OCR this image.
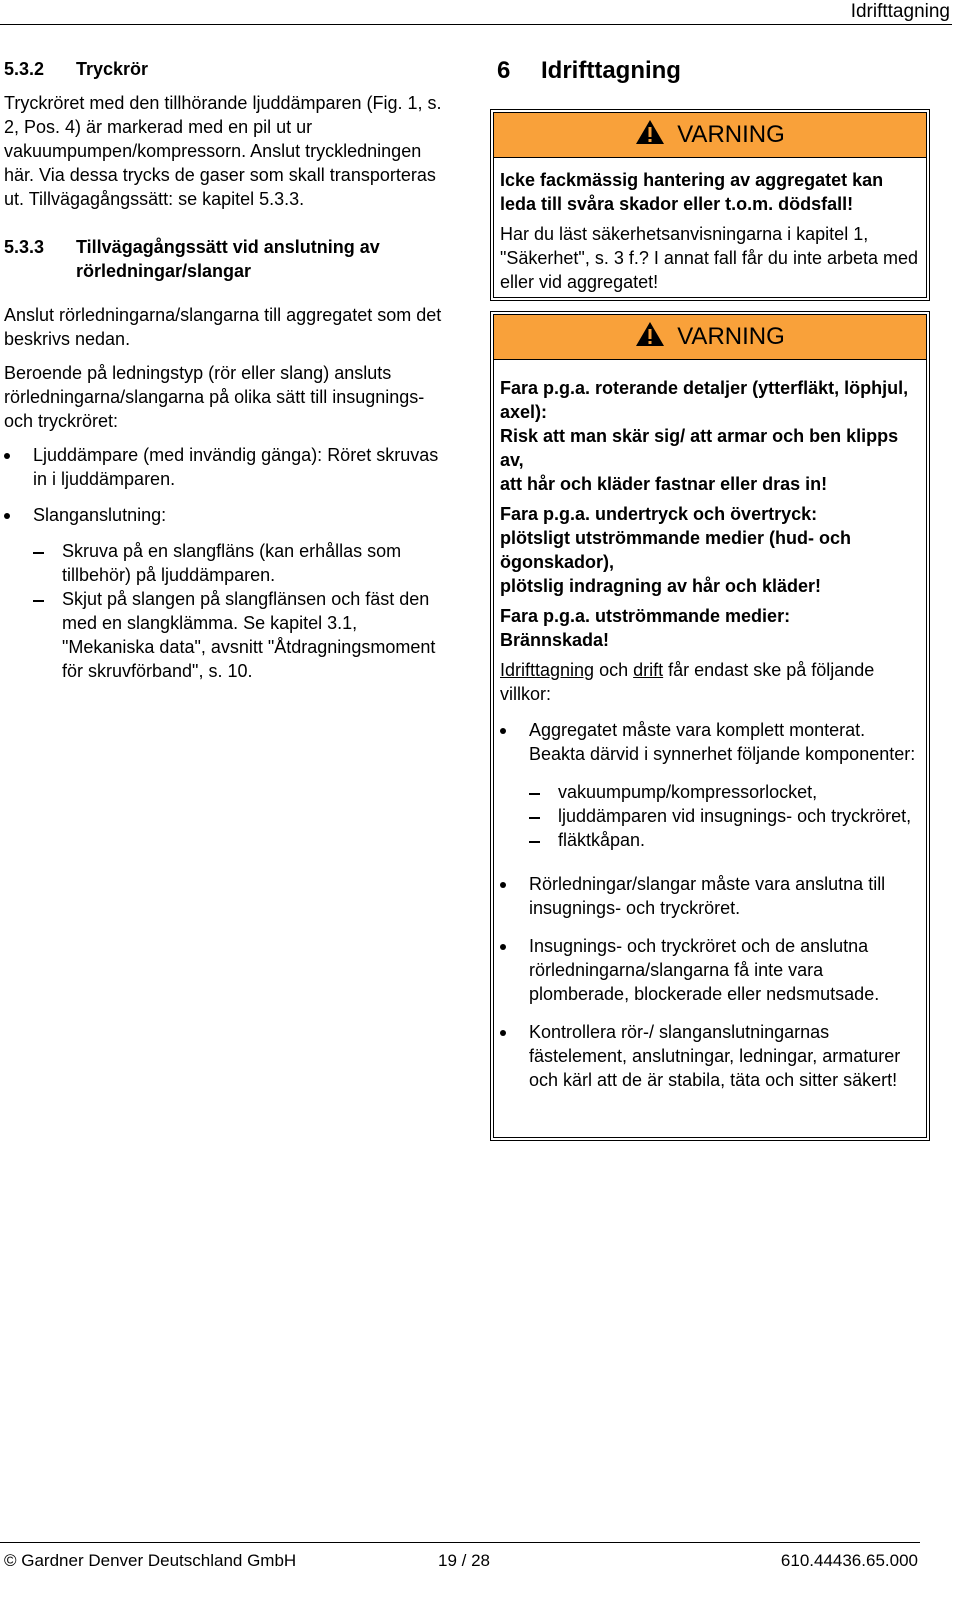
Idrifttagning
5.3.2	Tryckrör

Tryckröret med den tillhörande ljuddämparen (Fig. 1, s. 2, Pos. 4) är markerad med en pil ut ur vakuumpumpen/kompressorn. Anslut tryckledningen här. Via dessa trycks de gaser som skall transporteras ut. Tillvägagångssätt: se kapitel 5.3.3.

5.3.3	Tillvägagångssätt vid anslutning av rörledningar/slangar

Anslut rörledningarna/slangarna till aggregatet som det beskrivs nedan.

Beroende på ledningstyp (rör eller slang) ansluts rörledningarna/slangarna på olika sätt till insugnings- och tryckröret:

Ljuddämpare (med invändig gänga): Röret skruvas in i ljuddämparen.
Slanganslutning:
Skruva på en slangfläns (kan erhållas som tillbehör) på ljuddämparen.
Skjut på slangen på slangflänsen och fäst den med en slangklämma. Se kapitel 3.1, "Mekaniska data", avsnitt "Åtdragningsmoment för skruvförband", s. 10.
6	Idrifttagning
VARNING

Icke fackmässig hantering av aggregatet kan leda till svåra skador eller t.o.m. dödsfall!

Har du läst säkerhetsanvisningarna i kapitel 1, "Säkerhet", s. 3 f.? I annat fall får du inte arbeta med eller vid aggregatet!

VARNING

Fara p.g.a. roterande detaljer (ytterfläkt, löphjul, axel):

Risk att man skär sig/ att armar och ben klipps av,

att hår och kläder fastnar eller dras in!

Fara p.g.a. undertryck och övertryck:

plötsligt utströmmande medier (hud- och ögonskador),

plötslig indragning av hår och kläder!

Fara p.g.a. utströmmande medier:

Brännskada!

Idrifttagning och drift får endast ske på följande villkor:

Aggregatet måste vara komplett monterat. Beakta därvid i synnerhet följande komponenter:
vakuumpump/kompressorlocket,
ljuddämparen vid insugnings- och tryckröret,
fläktkåpan.
Rörledningar/slangar måste vara anslutna till insugnings- och tryckröret.
Insugnings- och tryckröret och de anslutna rörledningarna/slangarna få inte vara plomberade, blockerade eller nedsmutsade.
Kontrollera rör-/ slanganslutningarnas fästelement, anslutningar, ledningar, armaturer och kärl att de är stabila, täta och sitter säkert!
© Gardner Denver Deutschland GmbH	19 / 28	610.44436.65.000
